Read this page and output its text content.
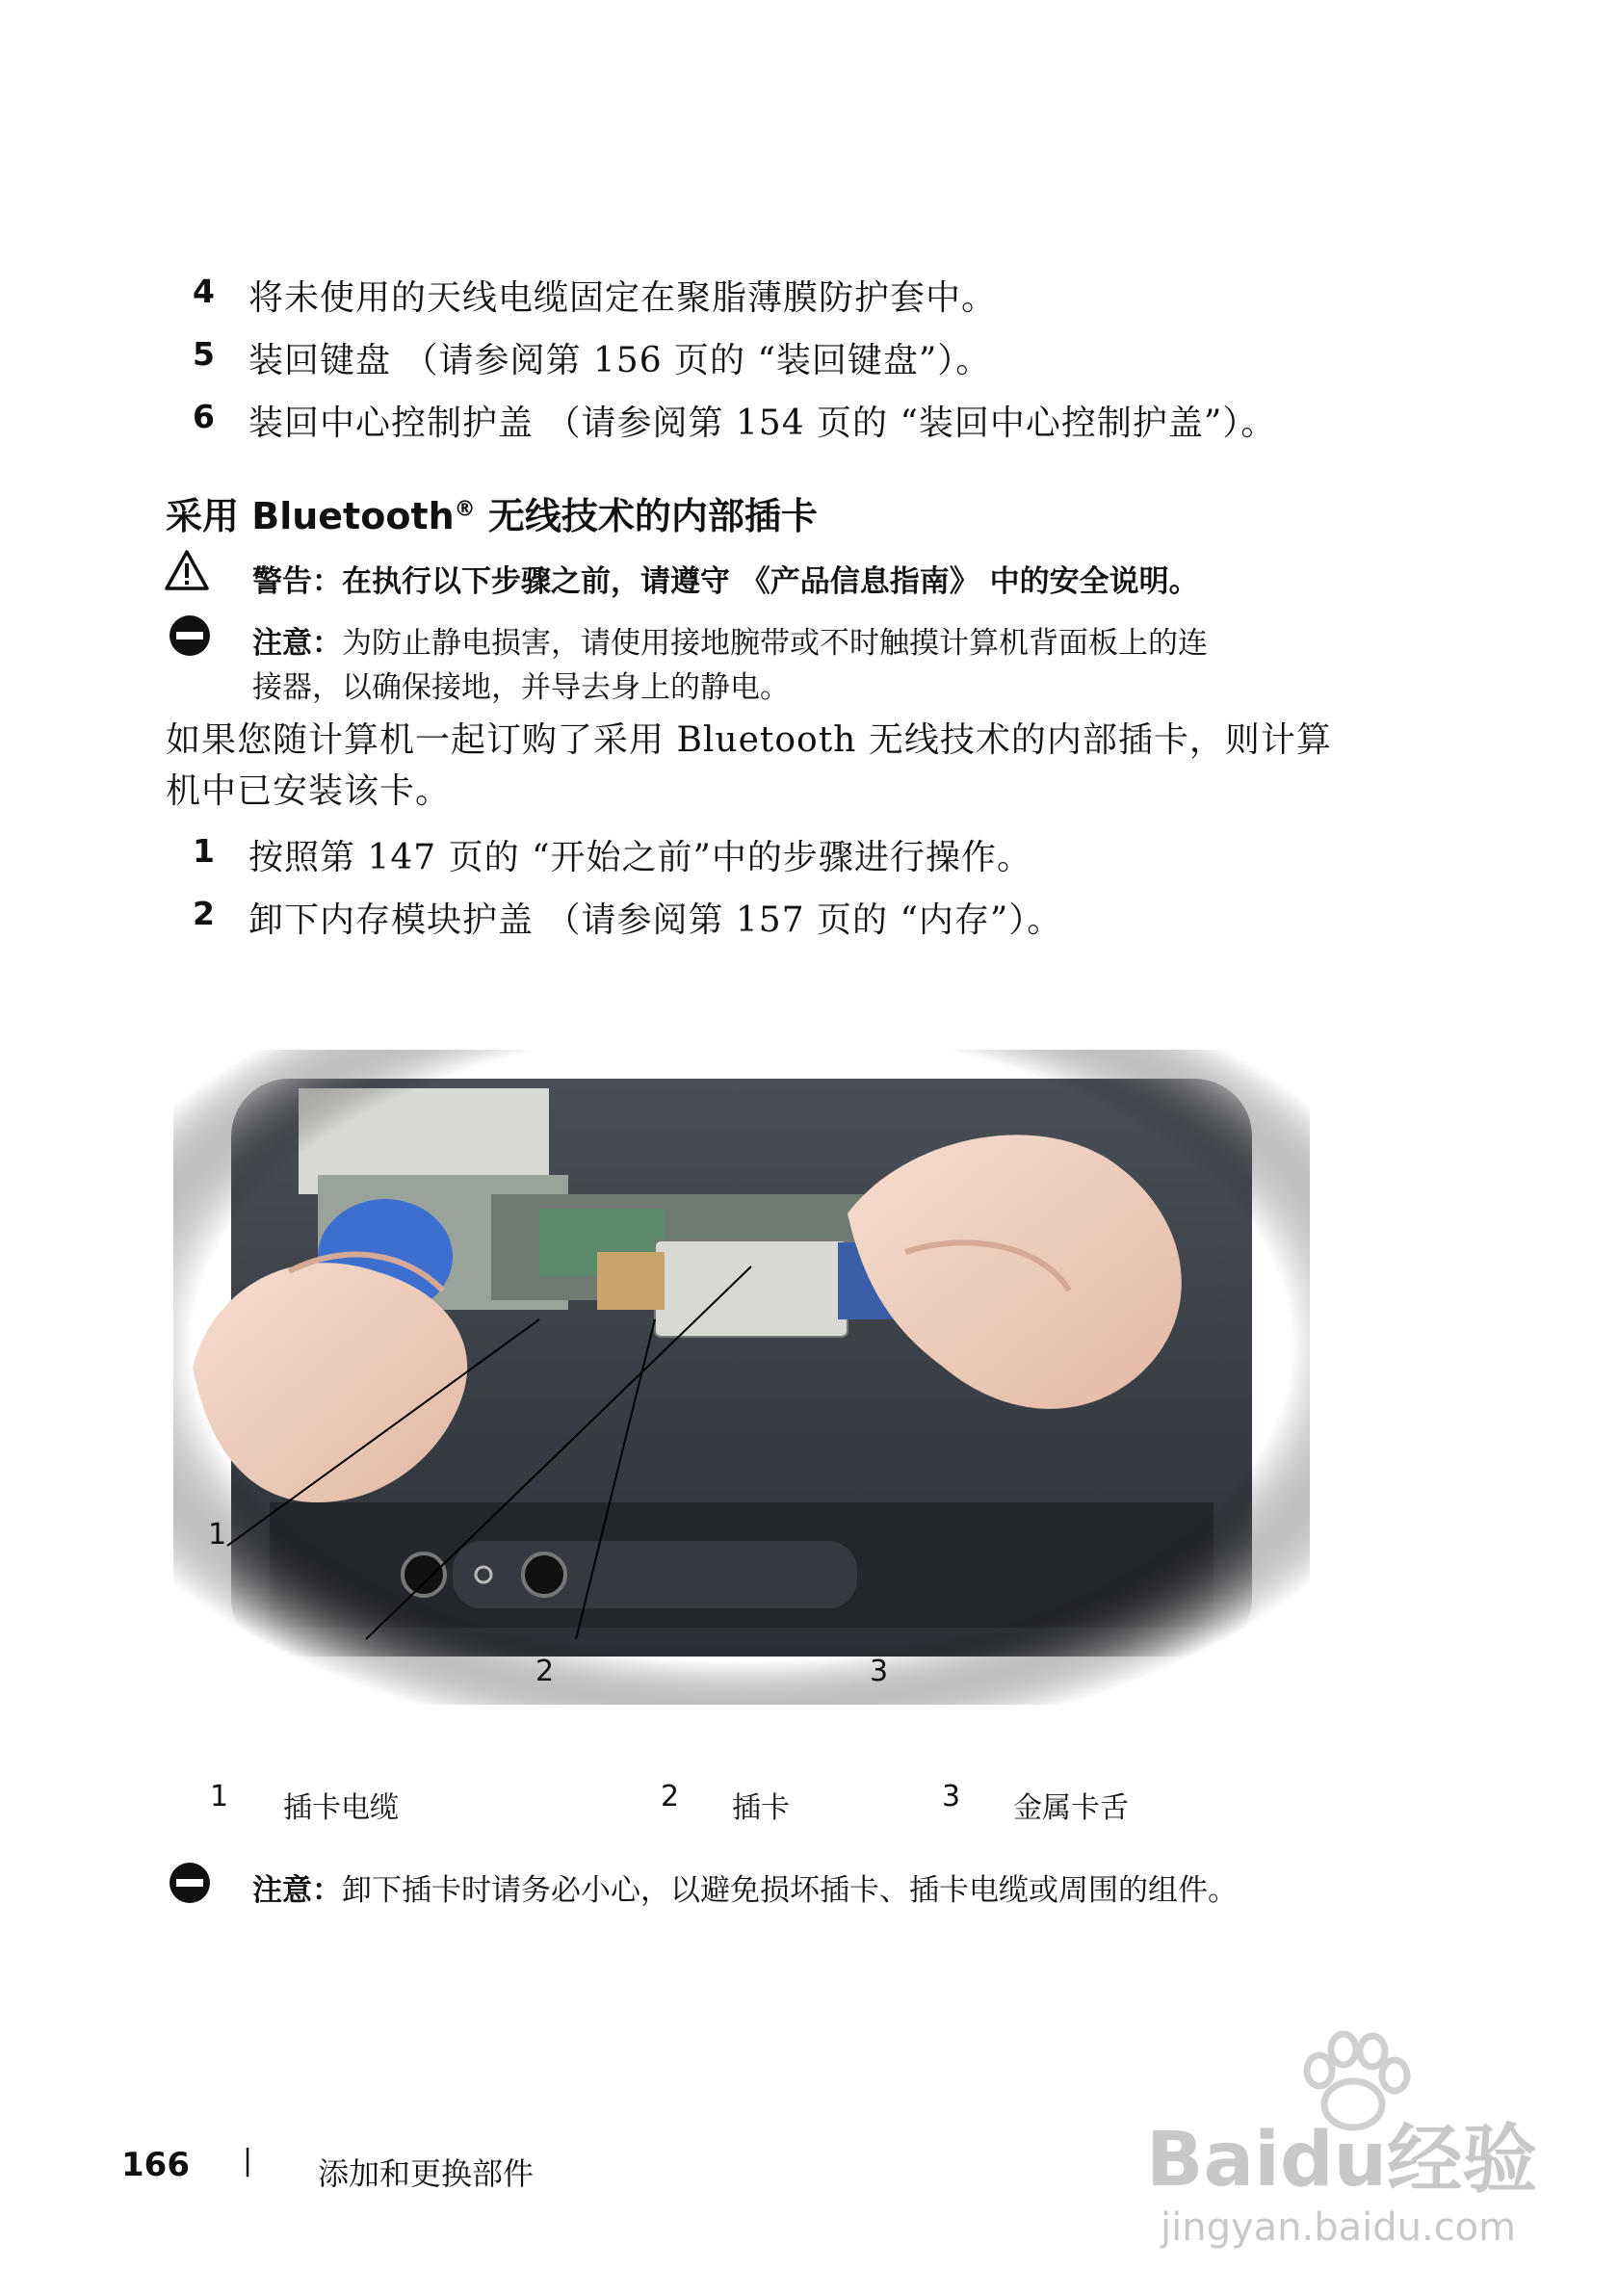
4 将未使用的天线电缆固定在聚脂薄膜防护套中。
5 装回键盘 （请参阅第 156 页的 “装回键盘”）。
6 装回中心控制护盖 （请参阅第 154 页的 “装回中心控制护盖”）。
采用 Bluetooth® 无线技术的内部插卡
警告：在执行以下步骤之前，请遵守 《产品信息指南》 中的安全说明。
注意：为防止静电损害，请使用接地腕带或不时触摸计算机背面板上的连
接器，以确保接地，并导去身上的静电。
如果您随计算机一起订购了采用 Bluetooth 无线技术的内部插卡，则计算
机中已安装该卡。
1 按照第 147 页的 “开始之前”中的步骤进行操作。
2 卸下内存模块护盖 （请参阅第 157 页的 “内存”）。
1
2	3
1 插卡电缆	2 插卡	3 金属卡舌
注意：卸下插卡时请务必小心，以避免损坏插卡、插卡电缆或周围的组件。
166 | 添加和更换部件	Baidu经验
jingyan.baidu.com
